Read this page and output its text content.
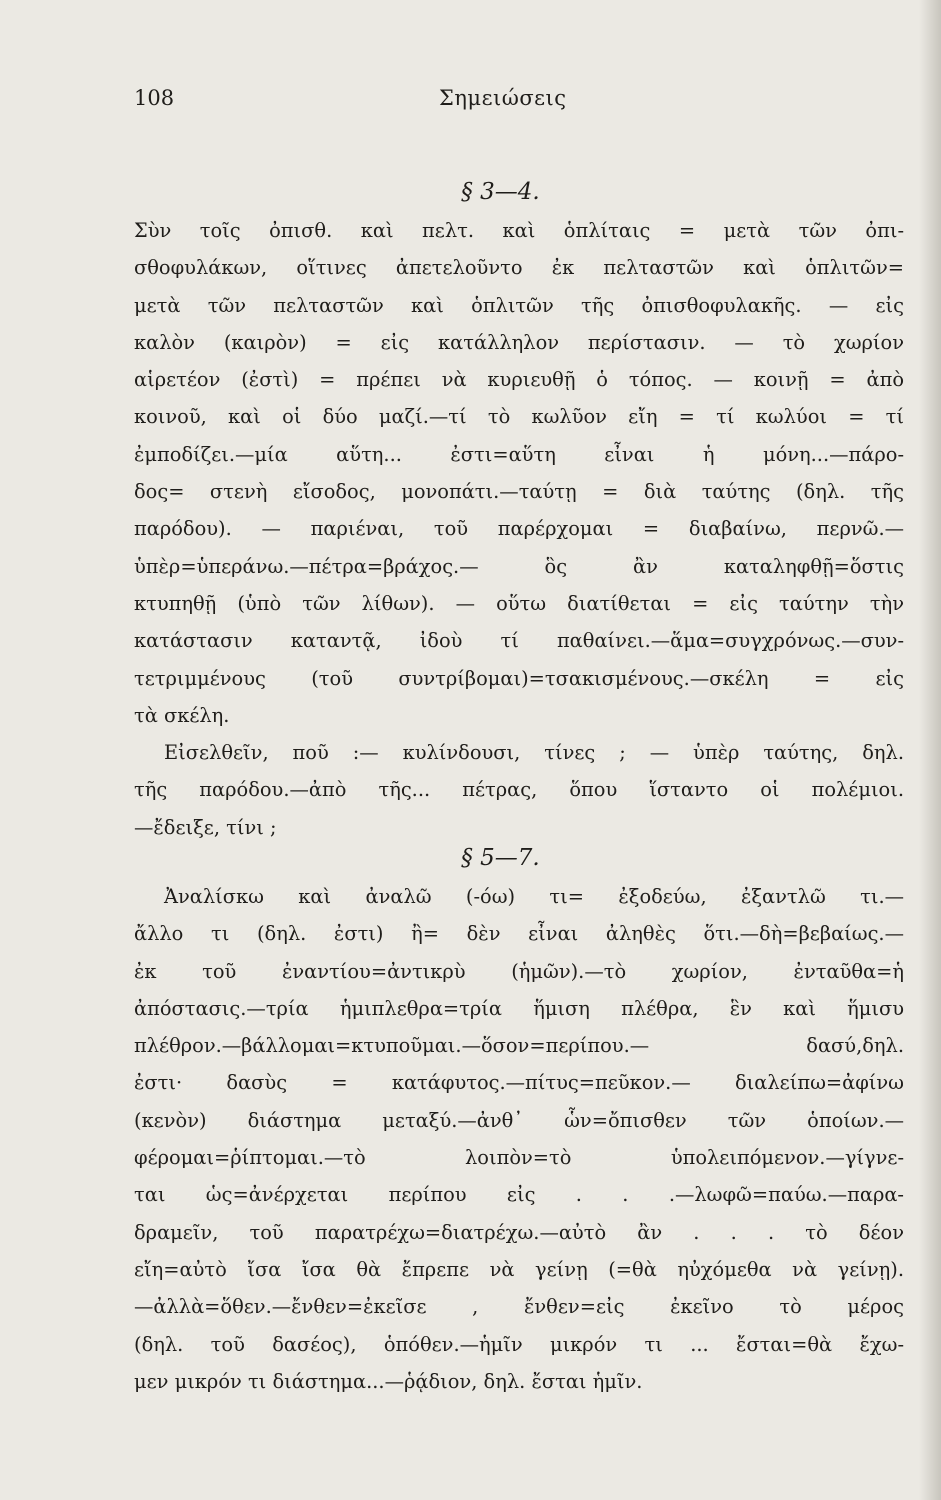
108	Σημειώσεις
§ 3—4.
Σὺν τοῖς ὀπισθ. καὶ πελτ. καὶ ὁπλίταις = μετὰ τῶν ὀπι-
σθοφυλάκων, οἵτινες ἀπετελοῦντο ἐκ πελταστῶν καὶ ὁπλιτῶν=
μετὰ τῶν πελταστῶν καὶ ὁπλιτῶν τῆς ὀπισθοφυλακῆς. — εἰς
καλὸν (καιρὸν) = εἰς κατάλληλον περίστασιν. — τὸ χωρίον
αἱρετέον (ἐστὶ) = πρέπει νὰ κυριευθῇ ὁ τόπος. — κοινῇ = ἀπὸ
κοινοῦ, καὶ οἱ δύο μαζί.—τί τὸ κωλῦον εἴη = τί κωλύοι = τί
ἐμποδίζει.—μία αὕτη... ἐστι=αὕτη εἶναι ἡ μόνη...—πάρο-
δος= στενὴ εἴσοδος, μονοπάτι.—ταύτῃ = διὰ ταύτης (δηλ. τῆς
παρόδου). — παριέναι, τοῦ παρέρχομαι = διαβαίνω, περνῶ.—
ὑπὲρ=ὑπεράνω.—πέτρα=βράχος.— ὃς ἂν καταληφθῇ=ὅστις
κτυπηθῇ (ὑπὸ τῶν λίθων). — οὕτω διατίθεται = εἰς ταύτην τὴν
κατάστασιν καταντᾷ, ἰδοὺ τί παθαίνει.—ἅμα=συγχρόνως.—συν-
τετριμμένους (τοῦ συντρίβομαι)=τσακισμένους.—σκέλη = εἰς
τὰ σκέλη.
Εἰσελθεῖν, ποῦ :— κυλίνδουσι, τίνες ; — ὑπὲρ ταύτης, δηλ.
τῆς παρόδου.—ἀπὸ τῆς... πέτρας, ὅπου ἵσταντο οἱ πολέμιοι.
—ἔδειξε, τίνι ;
§ 5—7.
Ἀναλίσκω καὶ ἀναλῶ (-όω) τι= ἐξοδεύω, ἐξαντλῶ τι.—
ἄλλο τι (δηλ. ἐστι) ἢ= δὲν εἶναι ἀληθὲς ὅτι.—δὴ=βεβαίως.—
ἐκ τοῦ ἐναντίου=ἀντικρὺ (ἡμῶν).—τὸ χωρίον, ἐνταῦθα=ἡ
ἀπόστασις.—τρία ἡμιπλεθρα=τρία ἥμιση πλέθρα, ἓν καὶ ἥμισυ
πλέθρον.—βάλλομαι=κτυποῦμαι.—ὅσον=περίπου.— δασύ,δηλ.
ἐστι· δασὺς = κατάφυτος.—πίτυς=πεῦκον.— διαλείπω=ἀφίνω
(κενὸν) διάστημα μεταξύ.—ἀνθ᾽ ὧν=ὄπισθεν τῶν ὁποίων.—
φέρομαι=ῥίπτομαι.—τὸ λοιπὸν=τὸ ὑπολειπόμενον.—γίγνε-
ται ὡς=ἀνέρχεται περίπου εἰς . . .—λωφῶ=παύω.—παρα-
δραμεῖν, τοῦ παρατρέχω=διατρέχω.—αὐτὸ ἂν . . . τὸ δέον
εἴη=αὐτὸ ἴσα ἴσα θὰ ἔπρεπε νὰ γείνῃ (=θὰ ηὐχόμεθα νὰ γείνῃ).
—ἀλλὰ=ὅθεν.—ἔνθεν=ἐκεῖσε , ἔνθεν=εἰς ἐκεῖνο τὸ μέρος
(δηλ. τοῦ δασέος), ὁπόθεν.—ἡμῖν μικρόν τι ... ἔσται=θὰ ἔχω-
μεν μικρόν τι διάστημα...—ῥᾴδιον, δηλ. ἔσται ἡμῖν.
